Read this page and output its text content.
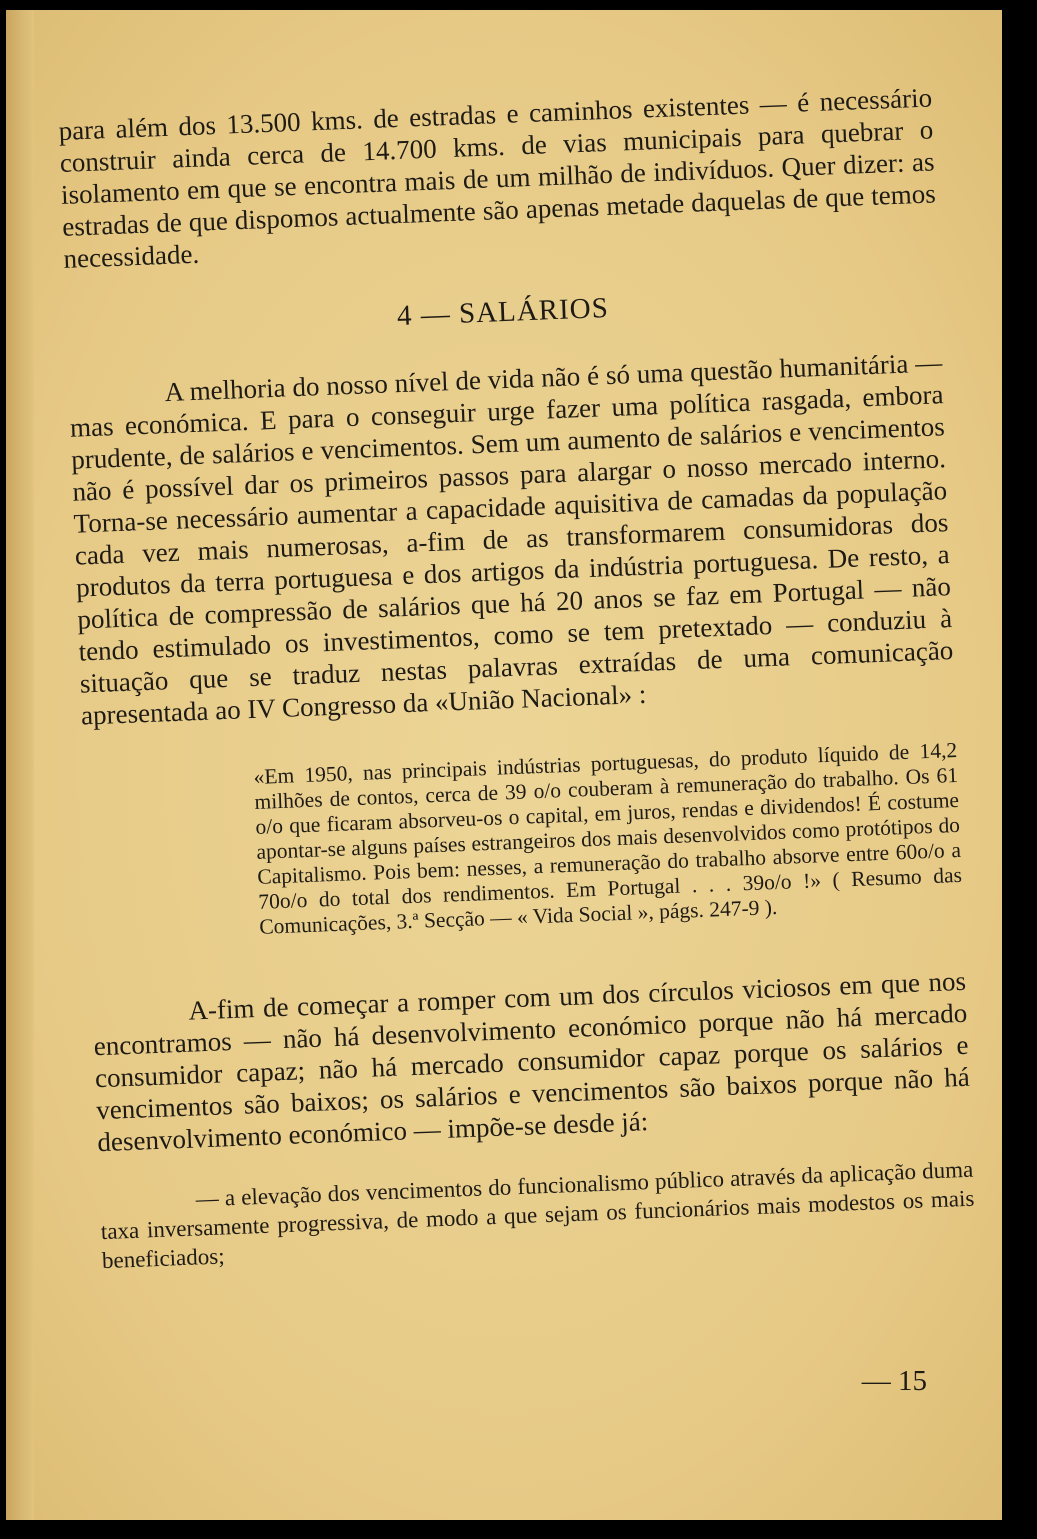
para além dos 13.500 kms. de estradas e caminhos existentes — é necessário construir ainda cerca de 14.700 kms. de vias municipais para quebrar o isolamento em que se encontra mais de um milhão de indivíduos. Quer dizer: as estradas de que dispomos actualmente são apenas metade daquelas de que temos necessidade.

4 — SALÁRIOS

A melhoria do nosso nível de vida não é só uma questão humanitária — mas económica. E para o conseguir urge fazer uma política rasgada, embora prudente, de salários e vencimentos. Sem um aumento de salários e vencimentos não é possível dar os primeiros passos para alargar o nosso mercado interno. Torna-se necessário aumentar a capacidade aquisitiva de camadas da população cada vez mais numerosas, a-fim de as transformarem consumidoras dos produtos da terra portuguesa e dos artigos da indústria portuguesa. De resto, a política de compressão de salários que há 20 anos se faz em Portugal — não tendo estimulado os investimentos, como se tem pretextado — conduziu à situação que se traduz nestas palavras extraídas de uma comunicação apresentada ao IV Congresso da «União Nacional» :

«Em 1950, nas principais indústrias portuguesas, do produto líquido de 14,2 milhões de contos, cerca de 39 o/o couberam à remuneração do trabalho. Os 61 o/o que ficaram absorveu-os o capital, em juros, rendas e dividendos! É costume apontar-se alguns países estrangeiros dos mais desenvolvidos como protótipos do Capitalismo. Pois bem: nesses, a remuneração do trabalho absorve entre 60o/o a 70o/o do total dos rendimentos. Em Portugal . . . 39o/o !» ( Resumo das Comunicações, 3.ª Secção — « Vida Social », págs. 247-9 ).

A-fim de começar a romper com um dos círculos viciosos em que nos encontramos — não há desenvolvimento económico porque não há mercado consumidor capaz; não há mercado consumidor capaz porque os salários e vencimentos são baixos; os salários e vencimentos são baixos porque não há desenvolvimento económico — impõe-se desde já:

— a elevação dos vencimentos do funcionalismo público através da aplicação duma taxa inversamente progressiva, de modo a que sejam os funcionários mais modestos os mais beneficiados;

— 15
